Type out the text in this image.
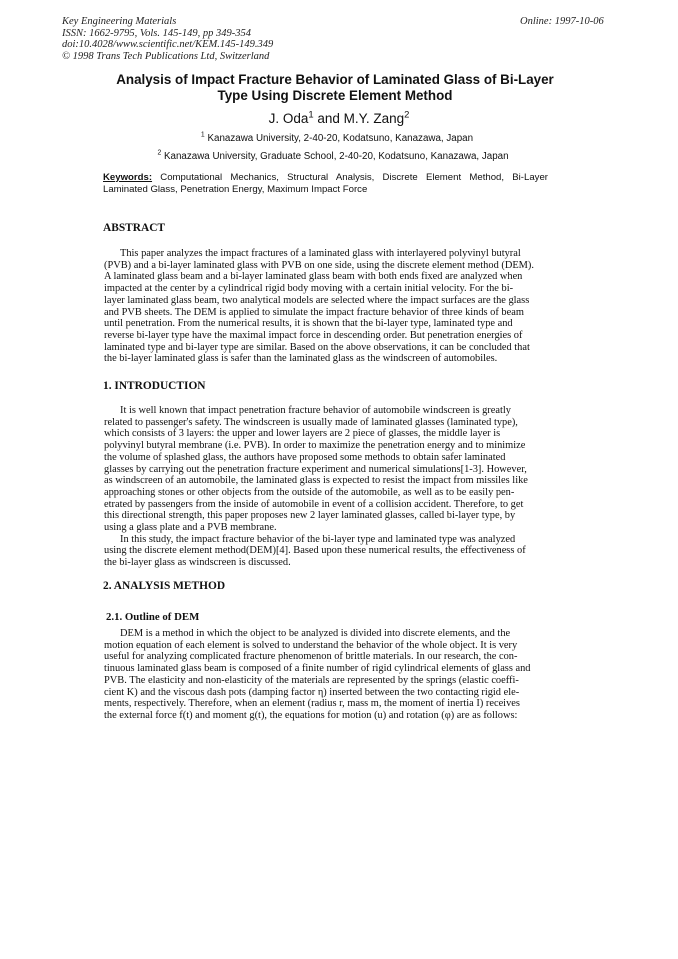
Key Engineering Materials
ISSN: 1662-9795, Vols. 145-149, pp 349-354
doi:10.4028/www.scientific.net/KEM.145-149.349
© 1998 Trans Tech Publications Ltd, Switzerland
Online: 1997-10-06
Analysis of Impact Fracture Behavior of Laminated Glass of Bi-Layer Type Using Discrete Element Method
J. Oda$^1$ and M.Y. Zang$^2$
$^1$ Kanazawa University, 2-40-20, Kodatsuno, Kanazawa, Japan
$^2$ Kanazawa University, Graduate School, 2-40-20, Kodatsuno, Kanazawa, Japan
Keywords: Computational Mechanics, Structural Analysis, Discrete Element Method, Bi-Layer Laminated Glass, Penetration Energy, Maximum Impact Force
ABSTRACT
This paper analyzes the impact fractures of a laminated glass with interlayered polyvinyl butyral
(PVB) and a bi-layer laminated glass with PVB on one side, using the discrete element method (DEM).
A laminated glass beam and a bi-layer laminated glass beam with both ends fixed are analyzed when
impacted at the center by a cylindrical rigid body moving with a certain initial velocity. For the bi-
layer laminated glass beam, two analytical models are selected where the impact surfaces are the glass
and PVB sheets. The DEM is applied to simulate the impact fracture behavior of three kinds of beam
until penetration. From the numerical results, it is shown that the bi-layer type, laminated type and
reverse bi-layer type have the maximal impact force in descending order. But penetration energies of
laminated type and bi-layer type are similar. Based on the above observations, it can be concluded that
the bi-layer laminated glass is safer than the laminated glass as the windscreen of automobiles.
1. INTRODUCTION
It is well known that impact penetration fracture behavior of automobile windscreen is greatly
related to passenger's safety. The windscreen is usually made of laminated glasses (laminated type),
which consists of 3 layers: the upper and lower layers are 2 piece of glasses, the middle layer is
polyvinyl butyral membrane (i.e. PVB). In order to maximize the penetration energy and to minimize
the volume of splashed glass, the authors have proposed some methods to obtain safer laminated
glasses by carrying out the penetration fracture experiment and numerical simulations[1-3]. However,
as windscreen of an automobile, the laminated glass is expected to resist the impact from missiles like
approaching stones or other objects from the outside of the automobile, as well as to be easily pen-
etrated by passengers from the inside of automobile in event of a collision accident. Therefore, to get
this directional strength, this paper proposes new 2 layer laminated glasses, called bi-layer type, by
using a glass plate and a PVB membrane.
In this study, the impact fracture behavior of the bi-layer type and laminated type was analyzed
using the discrete element method(DEM)[4]. Based upon these numerical results, the effectiveness of
the bi-layer glass as windscreen is discussed.
2. ANALYSIS METHOD
2.1. Outline of DEM
DEM is a method in which the object to be analyzed is divided into discrete elements, and the
motion equation of each element is solved to understand the behavior of the whole object. It is very
useful for analyzing complicated fracture phenomenon of brittle materials. In our research, the con-
tinuous laminated glass beam is composed of a finite number of rigid cylindrical elements of glass and
PVB. The elasticity and non-elasticity of the materials are represented by the springs (elastic coeffi-
cient K) and the viscous dash pots (damping factor η) inserted between the two contacting rigid ele-
ments, respectively. Therefore, when an element (radius r, mass m, the moment of inertia I) receives
the external force f(t) and moment g(t), the equations for motion (u) and rotation (φ) are as follows:
